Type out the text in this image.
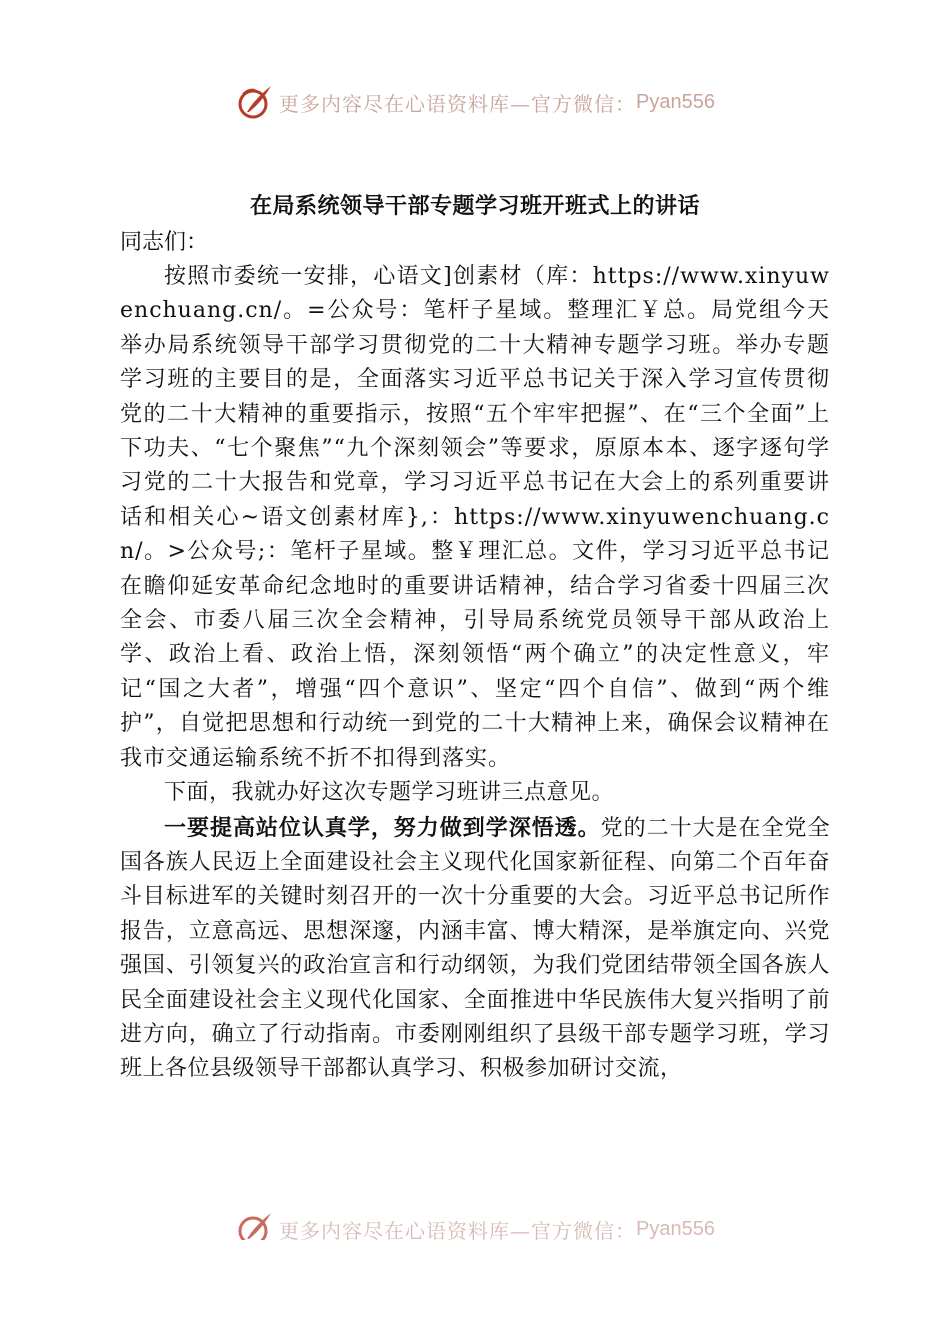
更多内容尽在心语资料库—官方微信： Pyan556
在局系统领导干部专题学习班开班式上的讲话

同志们：

按照市委统一安排，心语文]创素材（库：https://www.xinyuwenchuang.cn/。=公众号：笔杆子星域。整理汇￥总。局党组今天举办局系统领导干部学习贯彻党的二十大精神专题学习班。举办专题学习班的主要目的是，全面落实习近平总书记关于深入学习宣传贯彻党的二十大精神的重要指示，按照“五个牢牢把握”、在“三个全面”上下功夫、“七个聚焦”“九个深刻领会”等要求，原原本本、逐字逐句学习党的二十大报告和党章，学习习近平总书记在大会上的系列重要讲话和相关心~语文创素材库},：https://www.xinyuwenchuang.cn/。>公众号;：笔杆子星域。整￥理汇总。文件，学习习近平总书记在瞻仰延安革命纪念地时的重要讲话精神，结合学习省委十四届三次全会、市委八届三次全会精神，引导局系统党员领导干部从政治上学、政治上看、政治上悟，深刻领悟“两个确立”的决定性意义，牢记“国之大者”，增强“四个意识”、坚定“四个自信”、做到“两个维护”，自觉把思想和行动统一到党的二十大精神上来，确保会议精神在我市交通运输系统不折不扣得到落实。

下面，我就办好这次专题学习班讲三点意见。

一要提高站位认真学，努力做到学深悟透。党的二十大是在全党全国各族人民迈上全面建设社会主义现代化国家新征程、向第二个百年奋斗目标进军的关键时刻召开的一次十分重要的大会。习近平总书记所作报告，立意高远、思想深邃，内涵丰富、博大精深，是举旗定向、兴党强国、引领复兴的政治宣言和行动纲领，为我们党团结带领全国各族人民全面建设社会主义现代化国家、全面推进中华民族伟大复兴指明了前进方向，确立了行动指南。市委刚刚组织了县级干部专题学习班，学习班上各位县级领导干部都认真学习、积极参加研讨交流，

更多内容尽在心语资料库—官方微信： Pyan556
